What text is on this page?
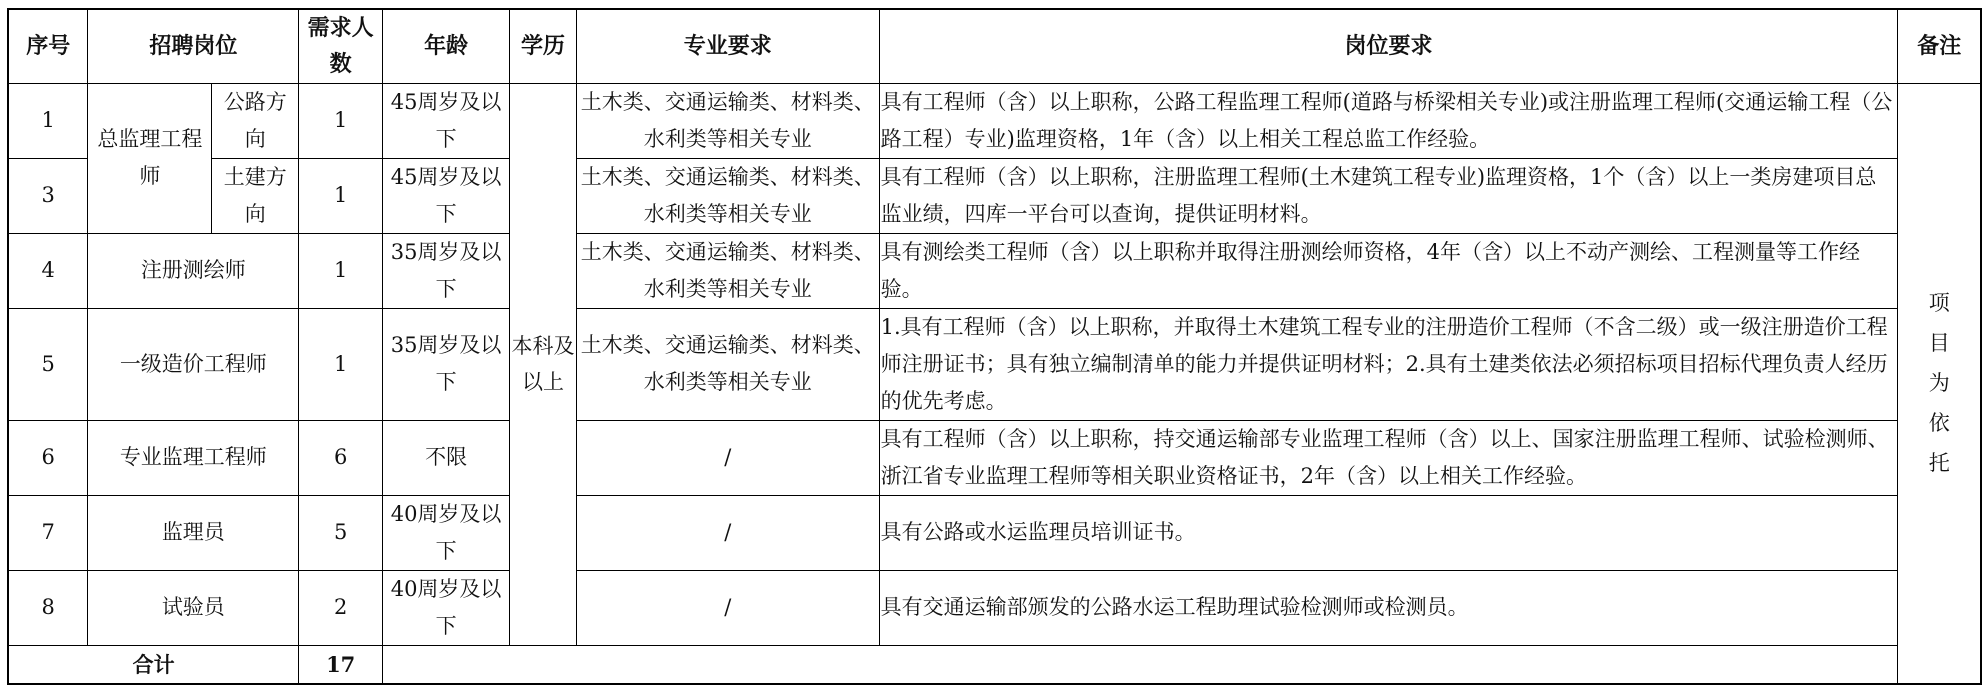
序号	招聘岗位		需求人数	年龄	学历	专业要求	岗位要求	备注
1	总监理工程师	公路方向	1	45周岁及以下	本科及以上	土木类、交通运输类、材料类、水利类等相关专业	具有工程师（含）以上职称，公路工程监理工程师(道路与桥梁相关专业)或注册监理工程师(交通运输工程（公路工程）专业)监理资格，1年（含）以上相关工程总监工作经验。	项目为依托
3		土建方向	1	45周岁及以下		土木类、交通运输类、材料类、水利类等相关专业	具有工程师（含）以上职称，注册监理工程师(土木建筑工程专业)监理资格，1个（含）以上一类房建项目总监业绩，四库一平台可以查询，提供证明材料。	
4	注册测绘师		1	35周岁及以下		土木类、交通运输类、材料类、水利类等相关专业	具有测绘类工程师（含）以上职称并取得注册测绘师资格，4年（含）以上不动产测绘、工程测量等工作经验。	
5	一级造价工程师		1	35周岁及以下		土木类、交通运输类、材料类、水利类等相关专业	1.具有工程师（含）以上职称，并取得土木建筑工程专业的注册造价工程师（不含二级）或一级注册造价工程师注册证书；具有独立编制清单的能力并提供证明材料；2.具有土建类依法必须招标项目招标代理负责人经历的优先考虑。	
6	专业监理工程师		6	不限		/	具有工程师（含）以上职称，持交通运输部专业监理工程师（含）以上、国家注册监理工程师、试验检测师、浙江省专业监理工程师等相关职业资格证书，2年（含）以上相关工作经验。	
7	监理员		5	40周岁及以下		/	具有公路或水运监理员培训证书。	
8	试验员		2	40周岁及以下		/	具有交通运输部颁发的公路水运工程助理试验检测师或检测员。	
合计			17					
